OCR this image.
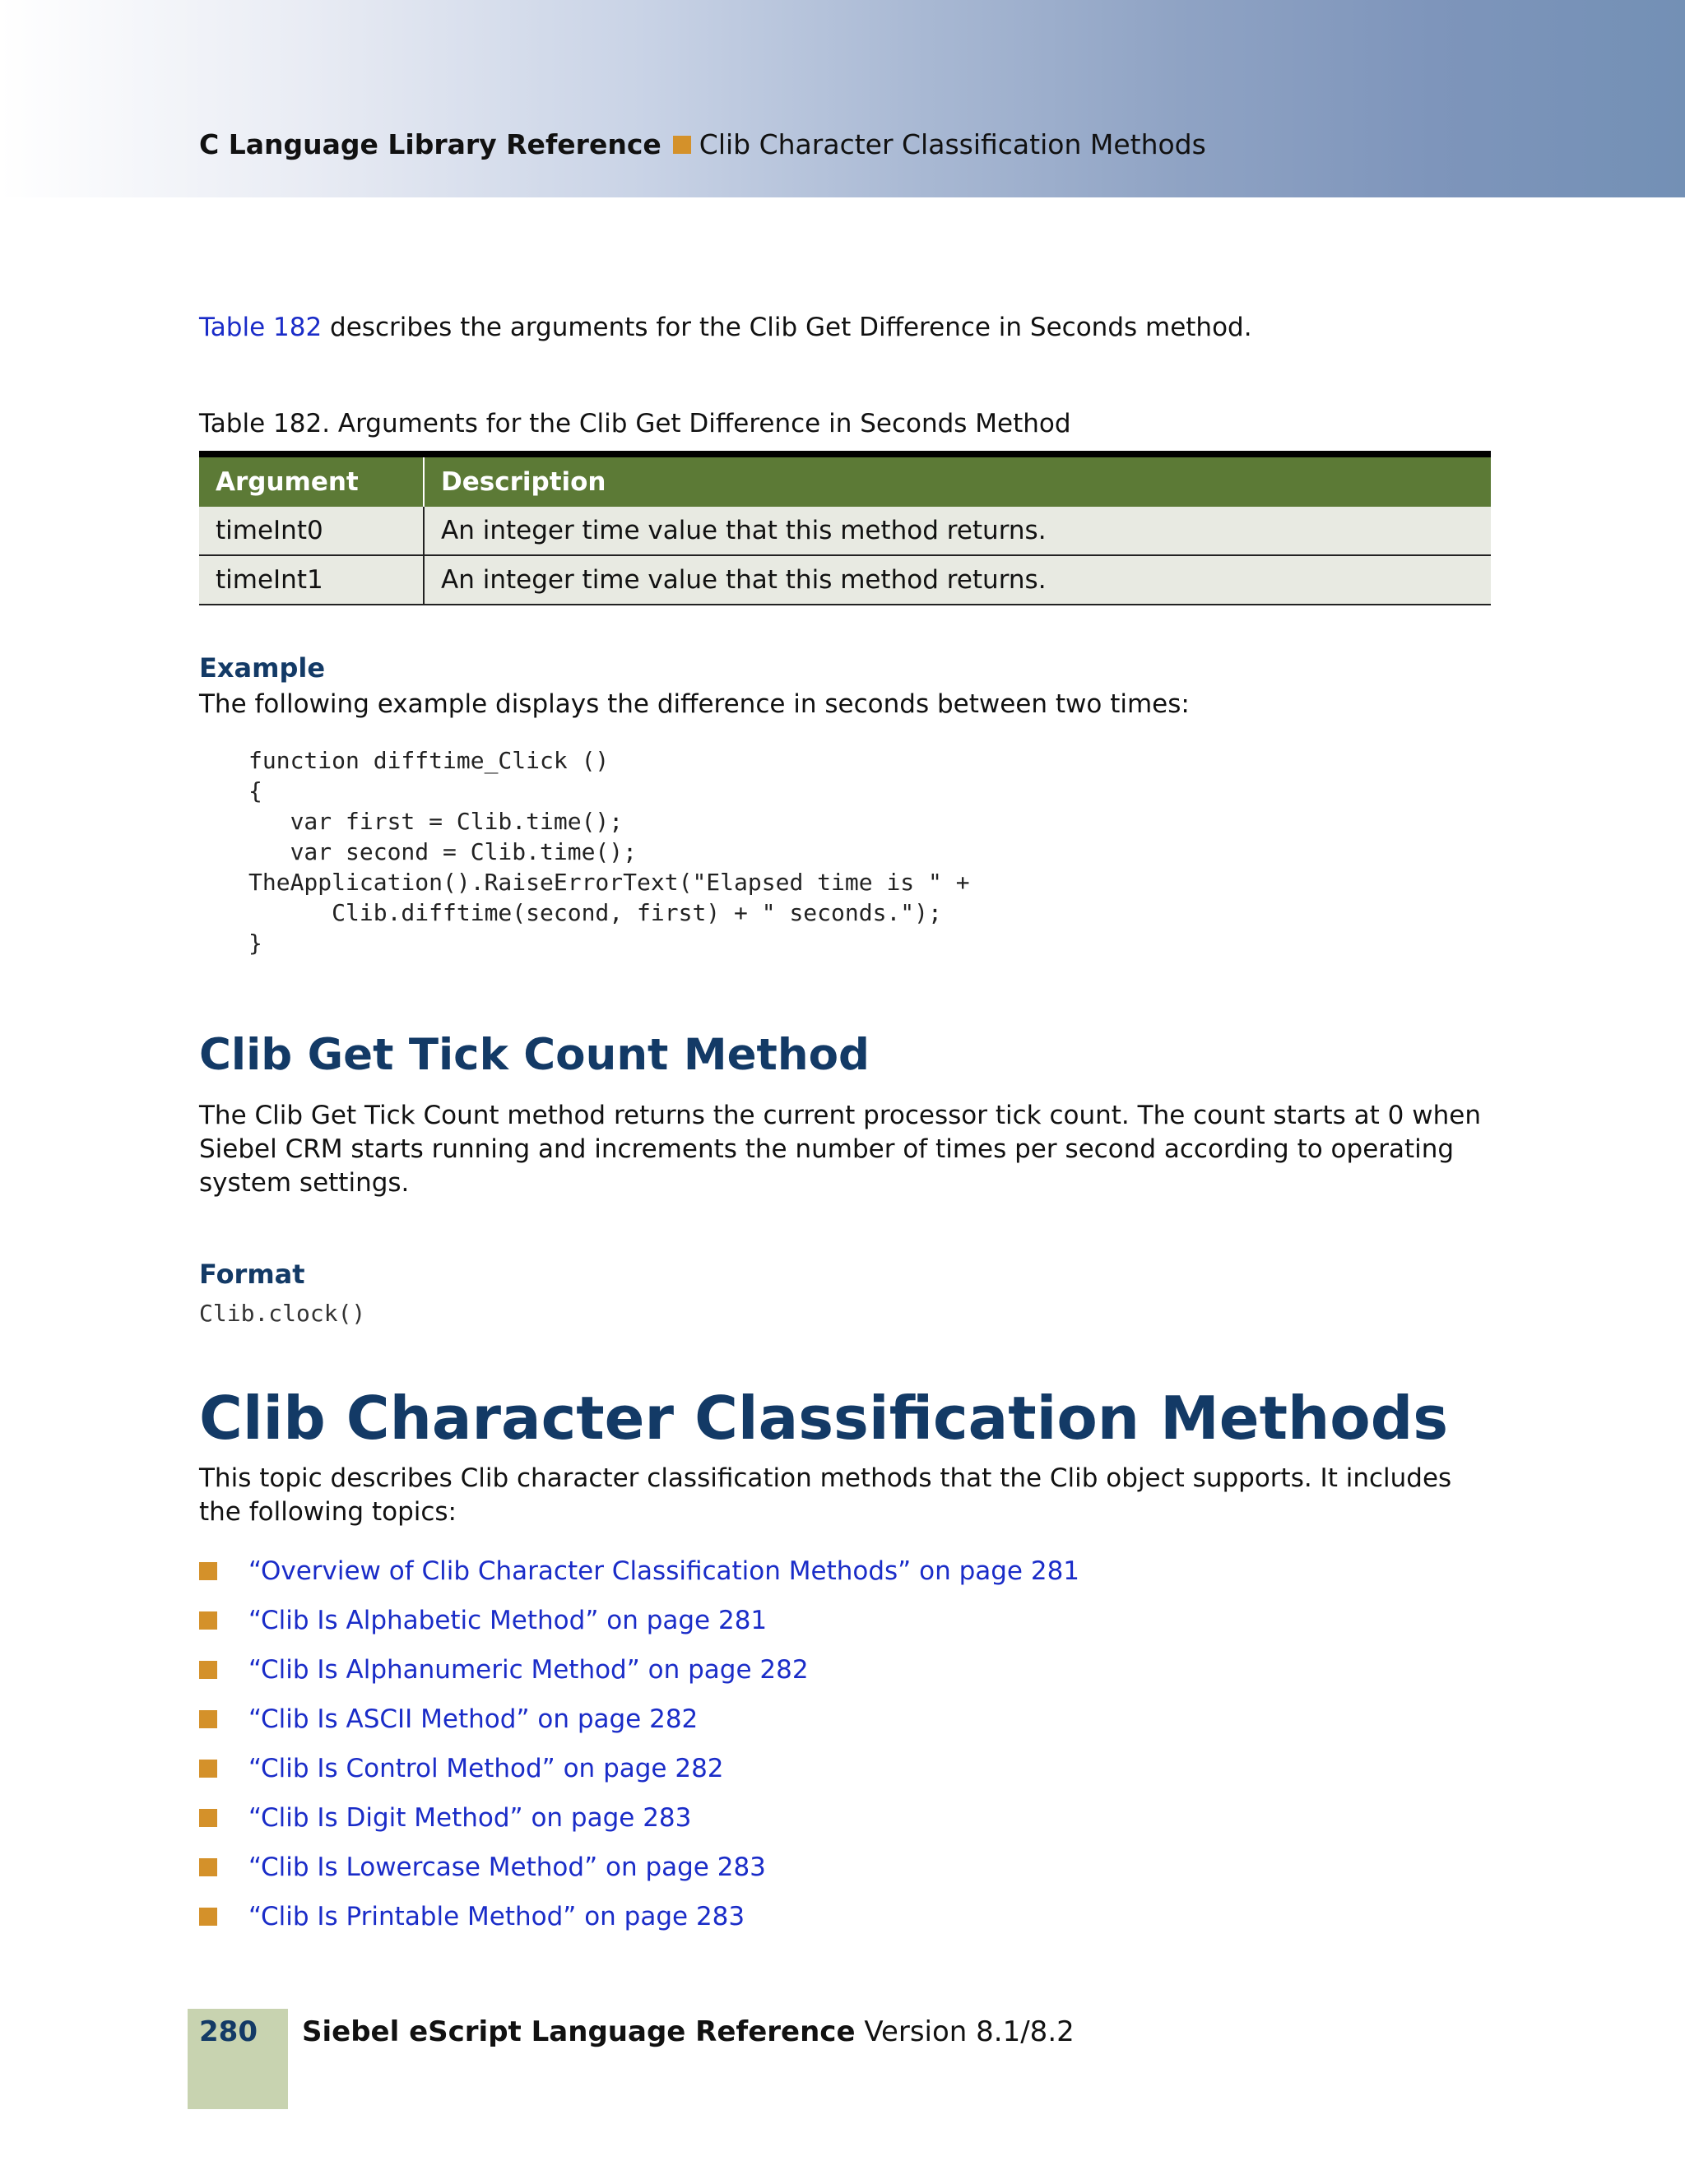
C Language Library Reference Clib Character Classification Methods
Table 182 describes the arguments for the Clib Get Difference in Seconds method.
Table 182. Arguments for the Clib Get Difference in Seconds Method
Argument	Description
timeInt0	An integer time value that this method returns.
timeInt1	An integer time value that this method returns.
Example
The following example displays the difference in seconds between two times:
function difftime_Click ()
{
var first = Clib.time();
var second = Clib.time();
TheApplication().RaiseErrorText("Elapsed time is " +
Clib.difftime(second, first) + " seconds.");
}
Clib Get Tick Count Method
The Clib Get Tick Count method returns the current processor tick count. The count starts at 0 when Siebel CRM starts running and increments the number of times per second according to operating system settings.
Format
Clib.clock()
Clib Character Classification Methods
This topic describes Clib character classification methods that the Clib object supports. It includes the following topics:
“Overview of Clib Character Classification Methods” on page 281
“Clib Is Alphabetic Method” on page 281
“Clib Is Alphanumeric Method” on page 282
“Clib Is ASCII Method” on page 282
“Clib Is Control Method” on page 282
“Clib Is Digit Method” on page 283
“Clib Is Lowercase Method” on page 283
“Clib Is Printable Method” on page 283
280 Siebel eScript Language Reference Version 8.1/8.2
